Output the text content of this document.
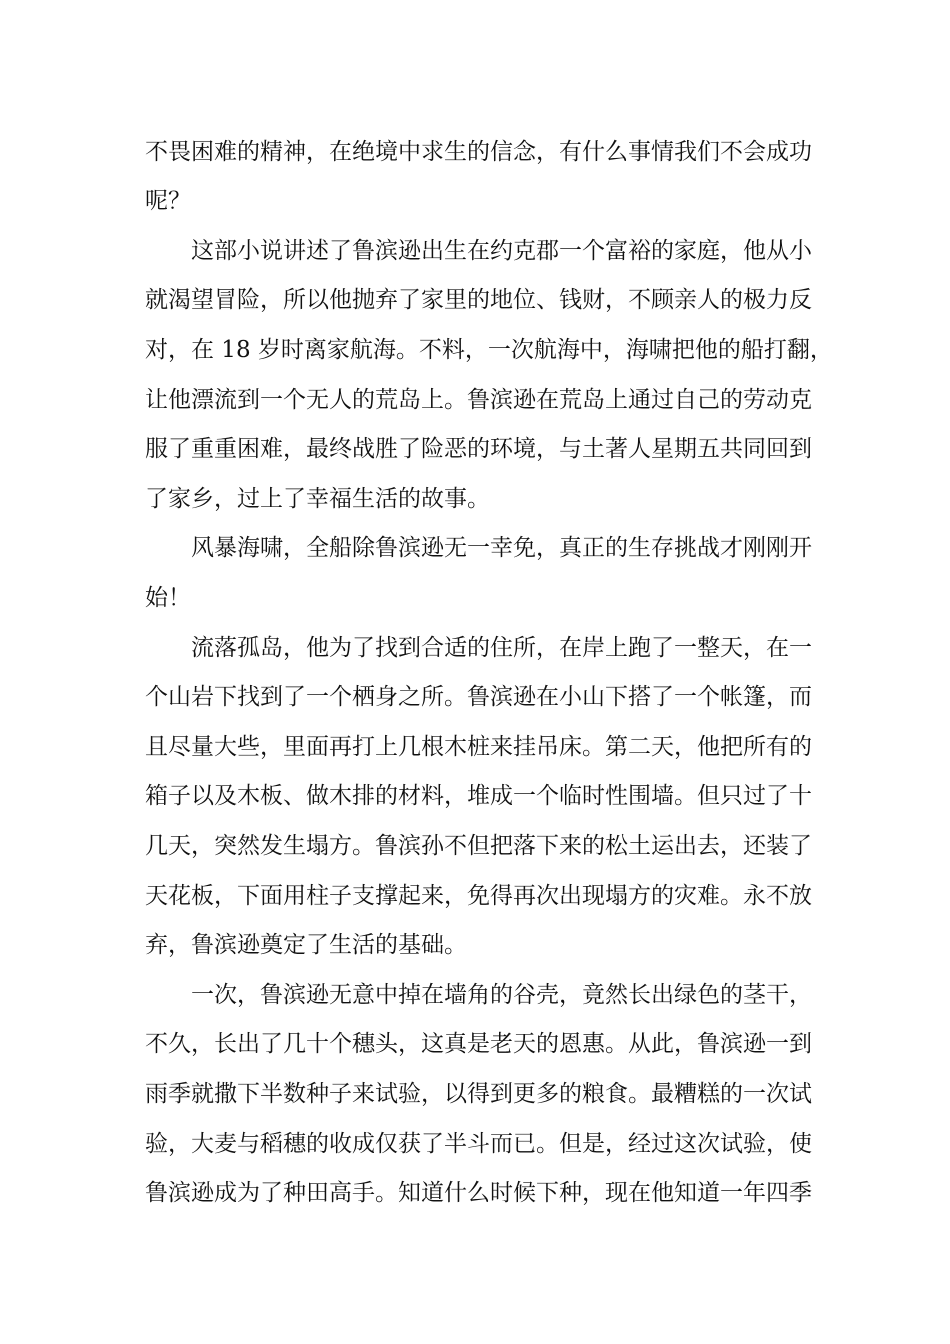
不畏困难的精神，在绝境中求生的信念，有什么事情我们不会成功
呢？
这部小说讲述了鲁滨逊出生在约克郡一个富裕的家庭，他从小
就渴望冒险，所以他抛弃了家里的地位、钱财，不顾亲人的极力反
对，在 18 岁时离家航海。不料，一次航海中，海啸把他的船打翻，
让他漂流到一个无人的荒岛上。鲁滨逊在荒岛上通过自己的劳动克
服了重重困难，最终战胜了险恶的环境，与土著人星期五共同回到
了家乡，过上了幸福生活的故事。
风暴海啸，全船除鲁滨逊无一幸免，真正的生存挑战才刚刚开
始！
流落孤岛，他为了找到合适的住所，在岸上跑了一整天，在一
个山岩下找到了一个栖身之所。鲁滨逊在小山下搭了一个帐篷，而
且尽量大些，里面再打上几根木桩来挂吊床。第二天，他把所有的
箱子以及木板、做木排的材料，堆成一个临时性围墙。但只过了十
几天，突然发生塌方。鲁滨孙不但把落下来的松土运出去，还装了
天花板，下面用柱子支撑起来，免得再次出现塌方的灾难。永不放
弃，鲁滨逊奠定了生活的基础。
一次，鲁滨逊无意中掉在墙角的谷壳，竟然长出绿色的茎干，
不久，长出了几十个穗头，这真是老天的恩惠。从此，鲁滨逊一到
雨季就撒下半数种子来试验，以得到更多的粮食。最糟糕的一次试
验，大麦与稻穗的收成仅获了半斗而已。但是，经过这次试验，使
鲁滨逊成为了种田高手。知道什么时候下种，现在他知道一年四季
